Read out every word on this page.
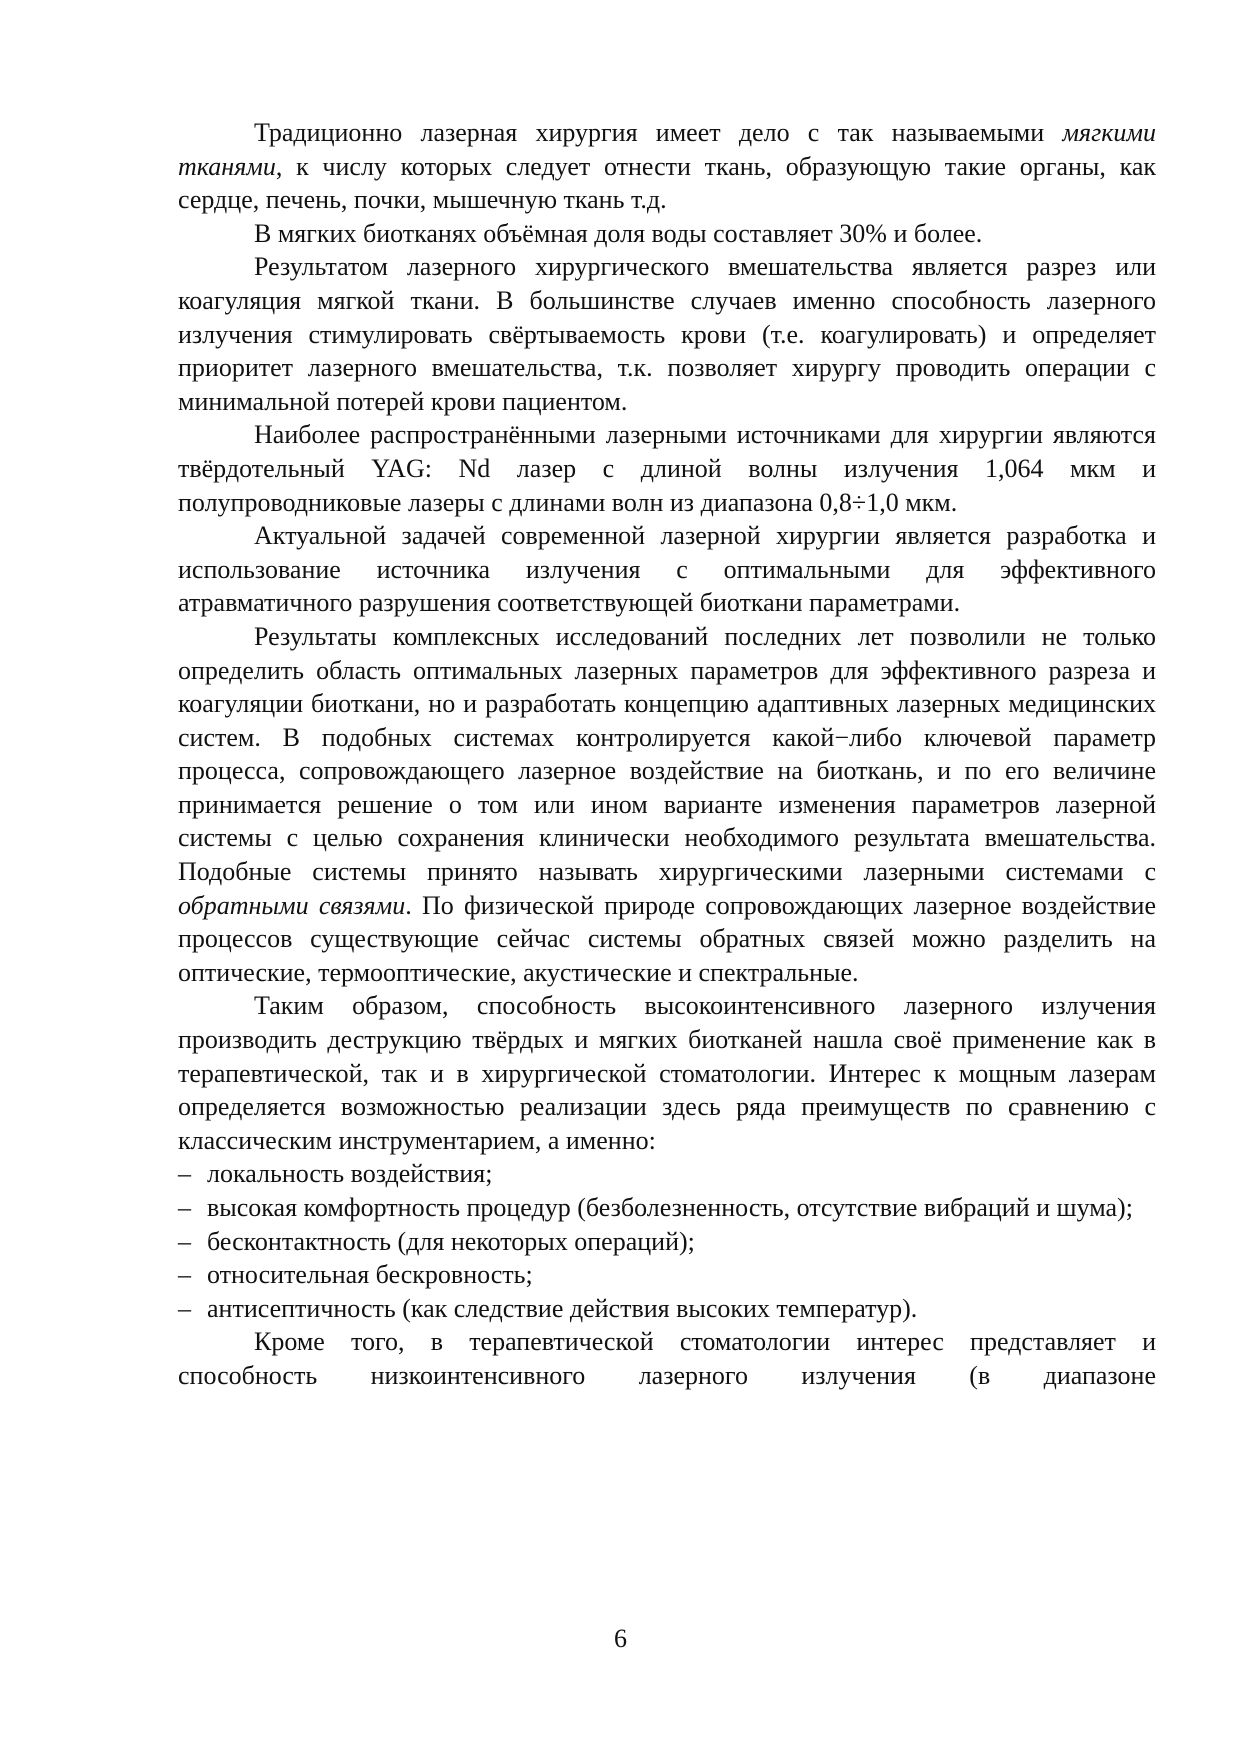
Традиционно лазерная хирургия имеет дело с так называемыми мягкими тканями, к числу которых следует отнести ткань, образующую такие органы, как сердце, печень, почки, мышечную ткань т.д.

В мягких биотканях объёмная доля воды составляет 30% и более.

Результатом лазерного хирургического вмешательства является разрез или коагуляция мягкой ткани. В большинстве случаев именно способность лазерного излучения стимулировать свёртываемость крови (т.е. коагулировать) и определяет приоритет лазерного вмешательства, т.к. позволяет хирургу проводить операции с минимальной потерей крови пациентом.

Наиболее распространёнными лазерными источниками для хирургии являются твёрдотельный YAG: Nd лазер с длиной волны излучения 1,064 мкм и полупроводниковые лазеры с длинами волн из диапазона 0,8÷1,0 мкм.

Актуальной задачей современной лазерной хирургии является разработка и использование источника излучения с оптимальными для эффективного атравматичного разрушения соответствующей биоткани параметрами.

Результаты комплексных исследований последних лет позволили не только определить область оптимальных лазерных параметров для эффективного разреза и коагуляции биоткани, но и разработать концепцию адаптивных лазерных медицинских систем. В подобных системах контролируется какой−либо ключевой параметр процесса, сопровождающего лазерное воздействие на биоткань, и по его величине принимается решение о том или ином варианте изменения параметров лазерной системы с целью сохранения клинически необходимого результата вмешательства. Подобные системы принято называть хирургическими лазерными системами с обратными связями. По физической природе сопровождающих лазерное воздействие процессов существующие сейчас системы обратных связей можно разделить на оптические, термооптические, акустические и спектральные.

Таким образом, способность высокоинтенсивного лазерного излучения производить деструкцию твёрдых и мягких биотканей нашла своё применение как в терапевтической, так и в хирургической стоматологии. Интерес к мощным лазерам определяется возможностью реализации здесь ряда преимуществ по сравнению с классическим инструментарием, а именно:

– локальность воздействия;
– высокая комфортность процедур (безболезненность, отсутствие вибраций и шума);
– бесконтактность (для некоторых операций);
– относительная бескровность;
– антисептичность (как следствие действия высоких температур).

Кроме того, в терапевтической стоматологии интерес представляет и способность низкоинтенсивного лазерного излучения (в диапазоне

6
